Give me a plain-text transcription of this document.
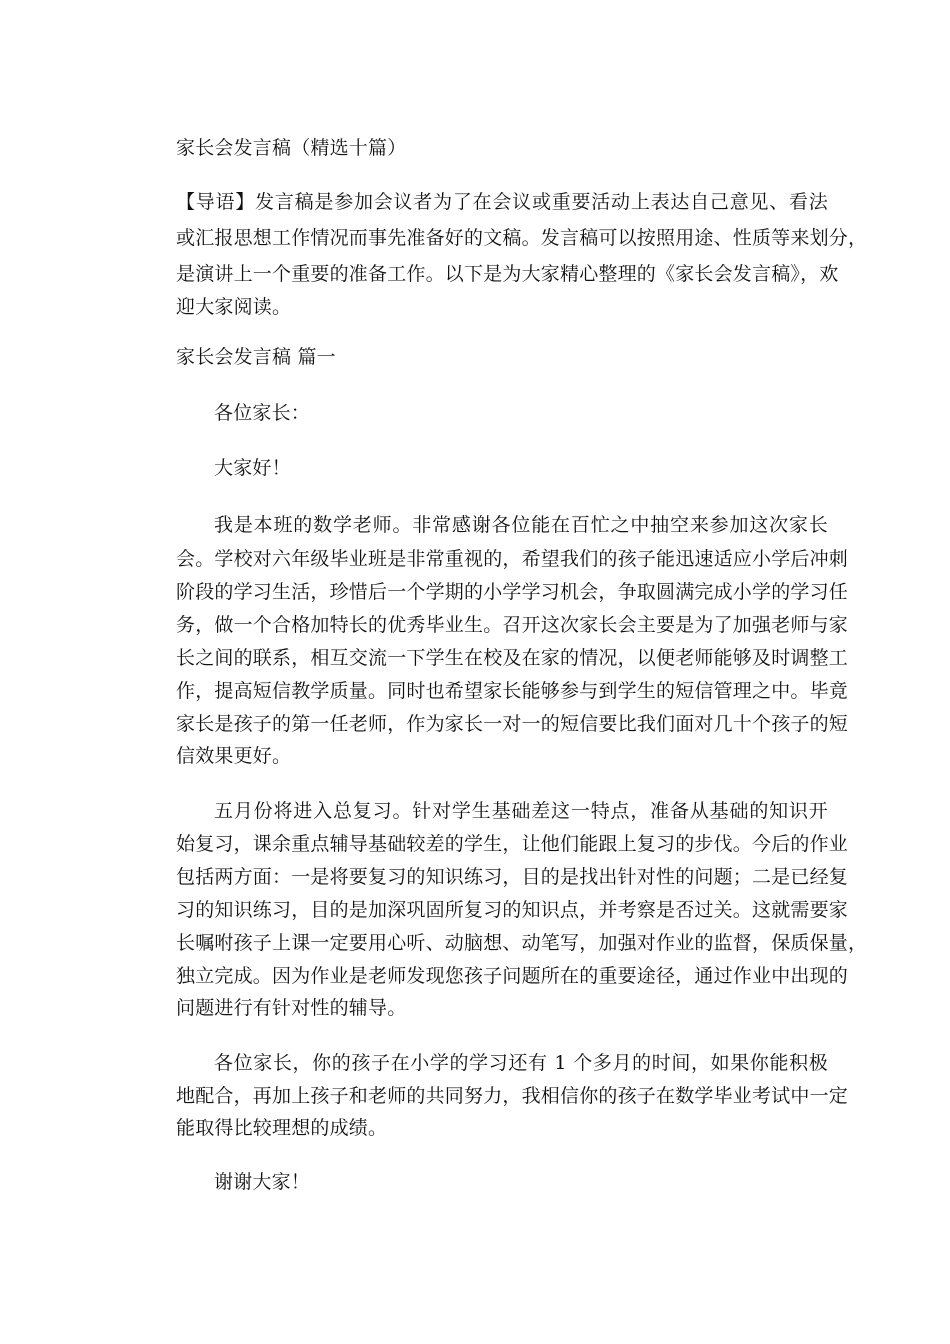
家长会发言稿（精选十篇）
【导语】发言稿是参加会议者为了在会议或重要活动上表达自己意见、看法
或汇报思想工作情况而事先准备好的文稿。发言稿可以按照用途、性质等来划分，
是演讲上一个重要的准备工作。以下是为大家精心整理的《家长会发言稿》，欢
迎大家阅读。
家长会发言稿 篇一
各位家长：
大家好！
我是本班的数学老师。非常感谢各位能在百忙之中抽空来参加这次家长
会。学校对六年级毕业班是非常重视的，希望我们的孩子能迅速适应小学后冲刺
阶段的学习生活，珍惜后一个学期的小学学习机会，争取圆满完成小学的学习任
务，做一个合格加特长的优秀毕业生。召开这次家长会主要是为了加强老师与家
长之间的联系，相互交流一下学生在校及在家的情况，以便老师能够及时调整工
作，提高短信教学质量。同时也希望家长能够参与到学生的短信管理之中。毕竟
家长是孩子的第一任老师，作为家长一对一的短信要比我们面对几十个孩子的短
信效果更好。
五月份将进入总复习。针对学生基础差这一特点，准备从基础的知识开
始复习，课余重点辅导基础较差的学生，让他们能跟上复习的步伐。今后的作业
包括两方面：一是将要复习的知识练习，目的是找出针对性的问题；二是已经复
习的知识练习，目的是加深巩固所复习的知识点，并考察是否过关。这就需要家
长嘱咐孩子上课一定要用心听、动脑想、动笔写，加强对作业的监督，保质保量，
独立完成。因为作业是老师发现您孩子问题所在的重要途径，通过作业中出现的
问题进行有针对性的辅导。
各位家长，你的孩子在小学的学习还有 1 个多月的时间，如果你能积极
地配合，再加上孩子和老师的共同努力，我相信你的孩子在数学毕业考试中一定
能取得比较理想的成绩。
谢谢大家！
